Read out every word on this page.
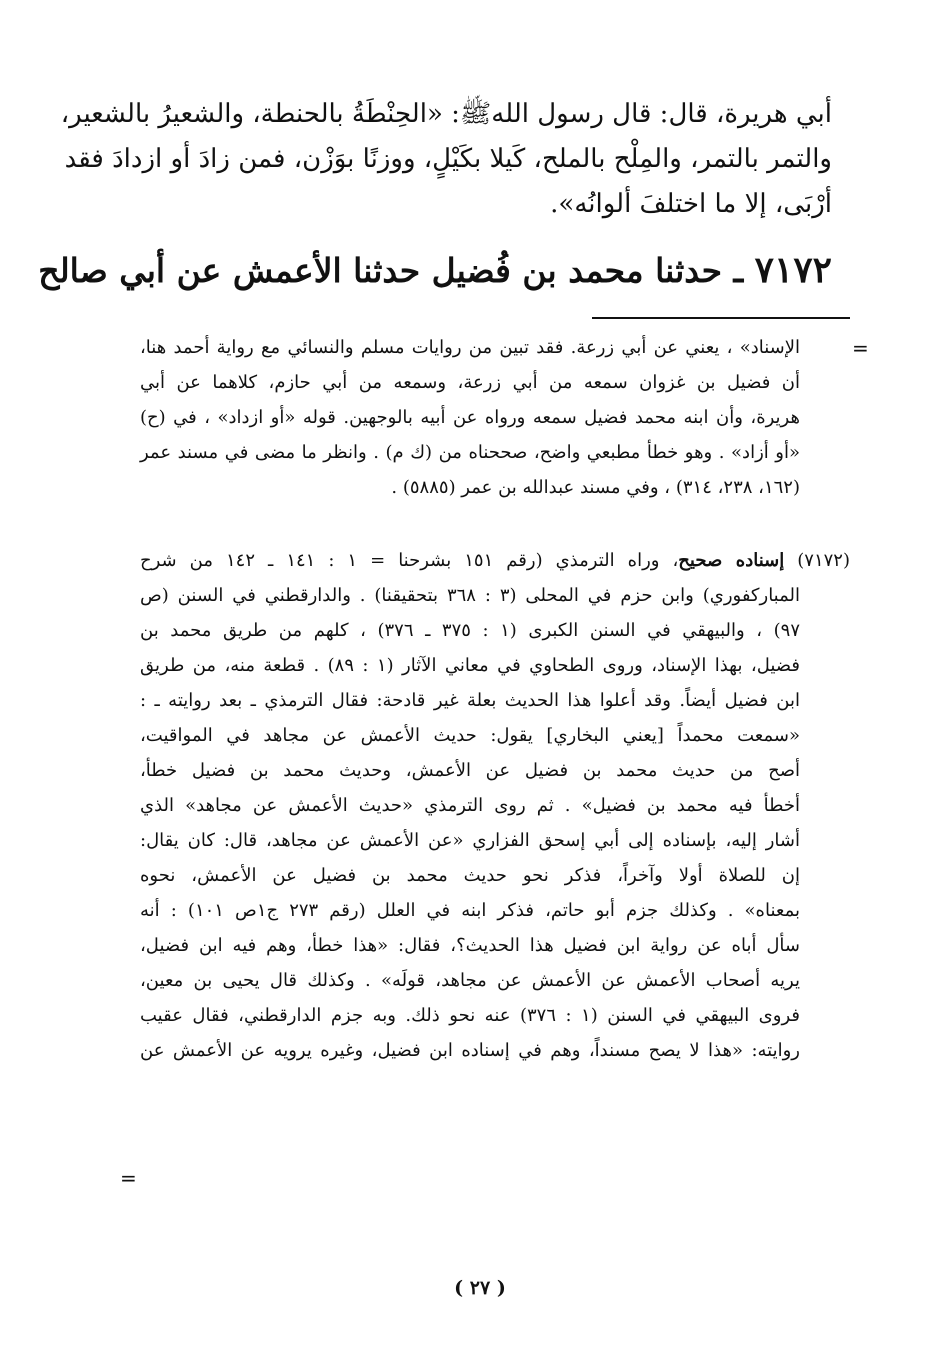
أبي هريرة، قال: قال رسول اللهﷺ: «الحِنْطَةُ بالحنطة، والشعيرُ بالشعير،
والتمر بالتمر، والمِلْح بالملح، كَيلا بكَيْلٍ، ووزنًا بوَزْن، فمن زادَ أو ازدادَ فقد
أرْبَى، إلا ما اختلفَ ألوانُه».
٧١٧٢ ـ حدثنا محمد بن فُضيل حدثنا الأعمش عن أبي صالح
=
الإسناد» ، يعني عن أبي زرعة. فقد تبين من روايات مسلم والنسائي مع رواية أحمد هنا،
أن فضيل بن غزوان سمعه من أبي زرعة، وسمعه من أبي حازم، كلاهما عن أبي
هريرة، وأن ابنه محمد فضيل سمعه ورواه عن أبيه بالوجهين. قوله «أو ازداد» ، في (ح)
«أو أزاد» . وهو خطأ مطبعي واضح، صححناه من (ك م) . وانظر ما مضى في مسند عمر
(١٦٢، ٢٣٨، ٣١٤) ، وفي مسند عبدالله بن عمر (٥٨٨٥) .
(٧١٧٢) إسناده صحيح، وراه الترمذي (رقم ١٥١ بشرحنا = ١ : ١٤١ ـ ١٤٢ من شرح
المباركفوري) وابن حزم في المحلى (٣ : ٣٦٨ بتحقيقنا) . والدارقطني في السنن (ص
٩٧) ، والبيهقي في السنن الكبرى (١ : ٣٧٥ ـ ٣٧٦) ، كلهم من طريق محمد بن
فضيل، بهذا الإسناد، وروى الطحاوي في معاني الآثار (١ : ٨٩) . قطعة منه، من طريق
ابن فضيل أيضاً. وقد أعلوا هذا الحديث بعلة غير قادحة: فقال الترمذي ـ بعد روايته ـ :
«سمعت محمداً [يعني البخاري] يقول: حديث الأعمش عن مجاهد في المواقيت،
أصح من حديث محمد بن فضيل عن الأعمش، وحديث محمد بن فضيل خطأ،
أخطأ فيه محمد بن فضيل» . ثم روى الترمذي «حديث الأعمش عن مجاهد» الذي
أشار إليه، بإسناده إلى أبي إسحق الفزاري «عن الأعمش عن مجاهد، قال: كان يقال:
إن للصلاة أولا وآخراً، فذكر نحو حديث محمد بن فضيل عن الأعمش، نحوه
بمعناه» . وكذلك جزم أبو حاتم، فذكر ابنه في العلل (رقم ٢٧٣ ج١ص ١٠١) : أنه
سأل أباه عن رواية ابن فضيل هذا الحديث؟، فقال: «هذا خطأ، وهم فيه ابن فضيل،
يريه أصحاب الأعمش عن الأعمش عن مجاهد، قولَه» . وكذلك قال يحيى بن معين،
فروى البيهقي في السنن (١ : ٣٧٦) عنه نحو ذلك. وبه جزم الدارقطني، فقال عقيب
روايته: «هذا لا يصح مسنداً، وهم في إسناده ابن فضيل، وغيره يرويه عن الأعمش عن
=
( ٢٧ )
